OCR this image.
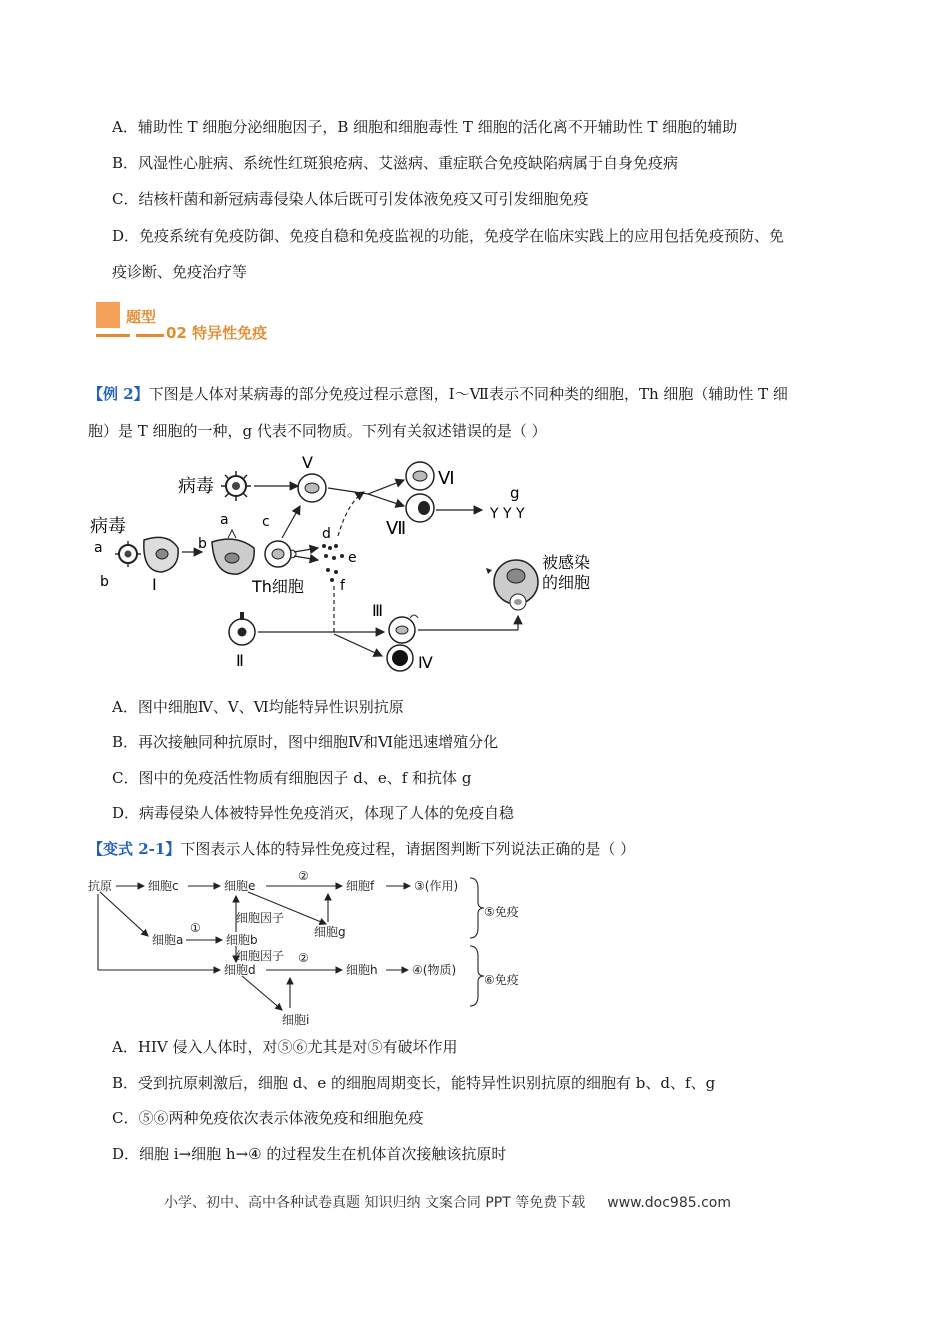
A．辅助性 T 细胞分泌细胞因子，B 细胞和细胞毒性 T 细胞的活化离不开辅助性 T 细胞的辅助
B．风湿性心脏病、系统性红斑狼疮病、艾滋病、重症联合免疫缺陷病属于自身免疫病
C．结核杆菌和新冠病毒侵染人体后既可引发体液免疫又可引发细胞免疫
D．免疫系统有免疫防御、免疫自稳和免疫监视的功能，免疫学在临床实践上的应用包括免疫预防、免
疫诊断、免疫治疗等
题型
02 特异性免疫
【例 2】下图是人体对某病毒的部分免疫过程示意图，Ⅰ～Ⅶ表示不同种类的细胞，Th 细胞（辅助性 T 细
胞）是 T 细胞的一种，g 代表不同物质。下列有关叙述错误的是（ ）
病毒
Ⅴ
Ⅵ
Ⅶ
Y Y Y
g
病毒
a
b	Ⅰ
b
a
Th细胞
c
d
e
f
Ⅱ
Ⅲ
Ⅳ
被感染
的细胞
A．图中细胞Ⅳ、Ⅴ、Ⅵ均能特异性识别抗原
B．再次接触同种抗原时，图中细胞Ⅳ和Ⅵ能迅速增殖分化
C．图中的免疫活性物质有细胞因子 d、e、f 和抗体 g
D．病毒侵染人体被特异性免疫消灭，体现了人体的免疫自稳
【变式 2-1】下图表示人体的特异性免疫过程，请据图判断下列说法正确的是（ ）
抗原	细胞c	细胞e	细胞f	③(作用)
②
细胞a
①
细胞b
细胞因子
细胞g
细胞因子
细胞d
②
细胞h	④(物质)
细胞i
⑤免疫
⑥免疫
A．HIV 侵入人体时，对⑤⑥尤其是对⑤有破坏作用
B．受到抗原刺激后，细胞 d、e 的细胞周期变长，能特异性识别抗原的细胞有 b、d、f、g
C．⑤⑥两种免疫依次表示体液免疫和细胞免疫
D．细胞 i→细胞 h→④ 的过程发生在机体首次接触该抗原时
小学、初中、高中各种试卷真题 知识归纳 文案合同 PPT 等免费下载 www.doc985.com
